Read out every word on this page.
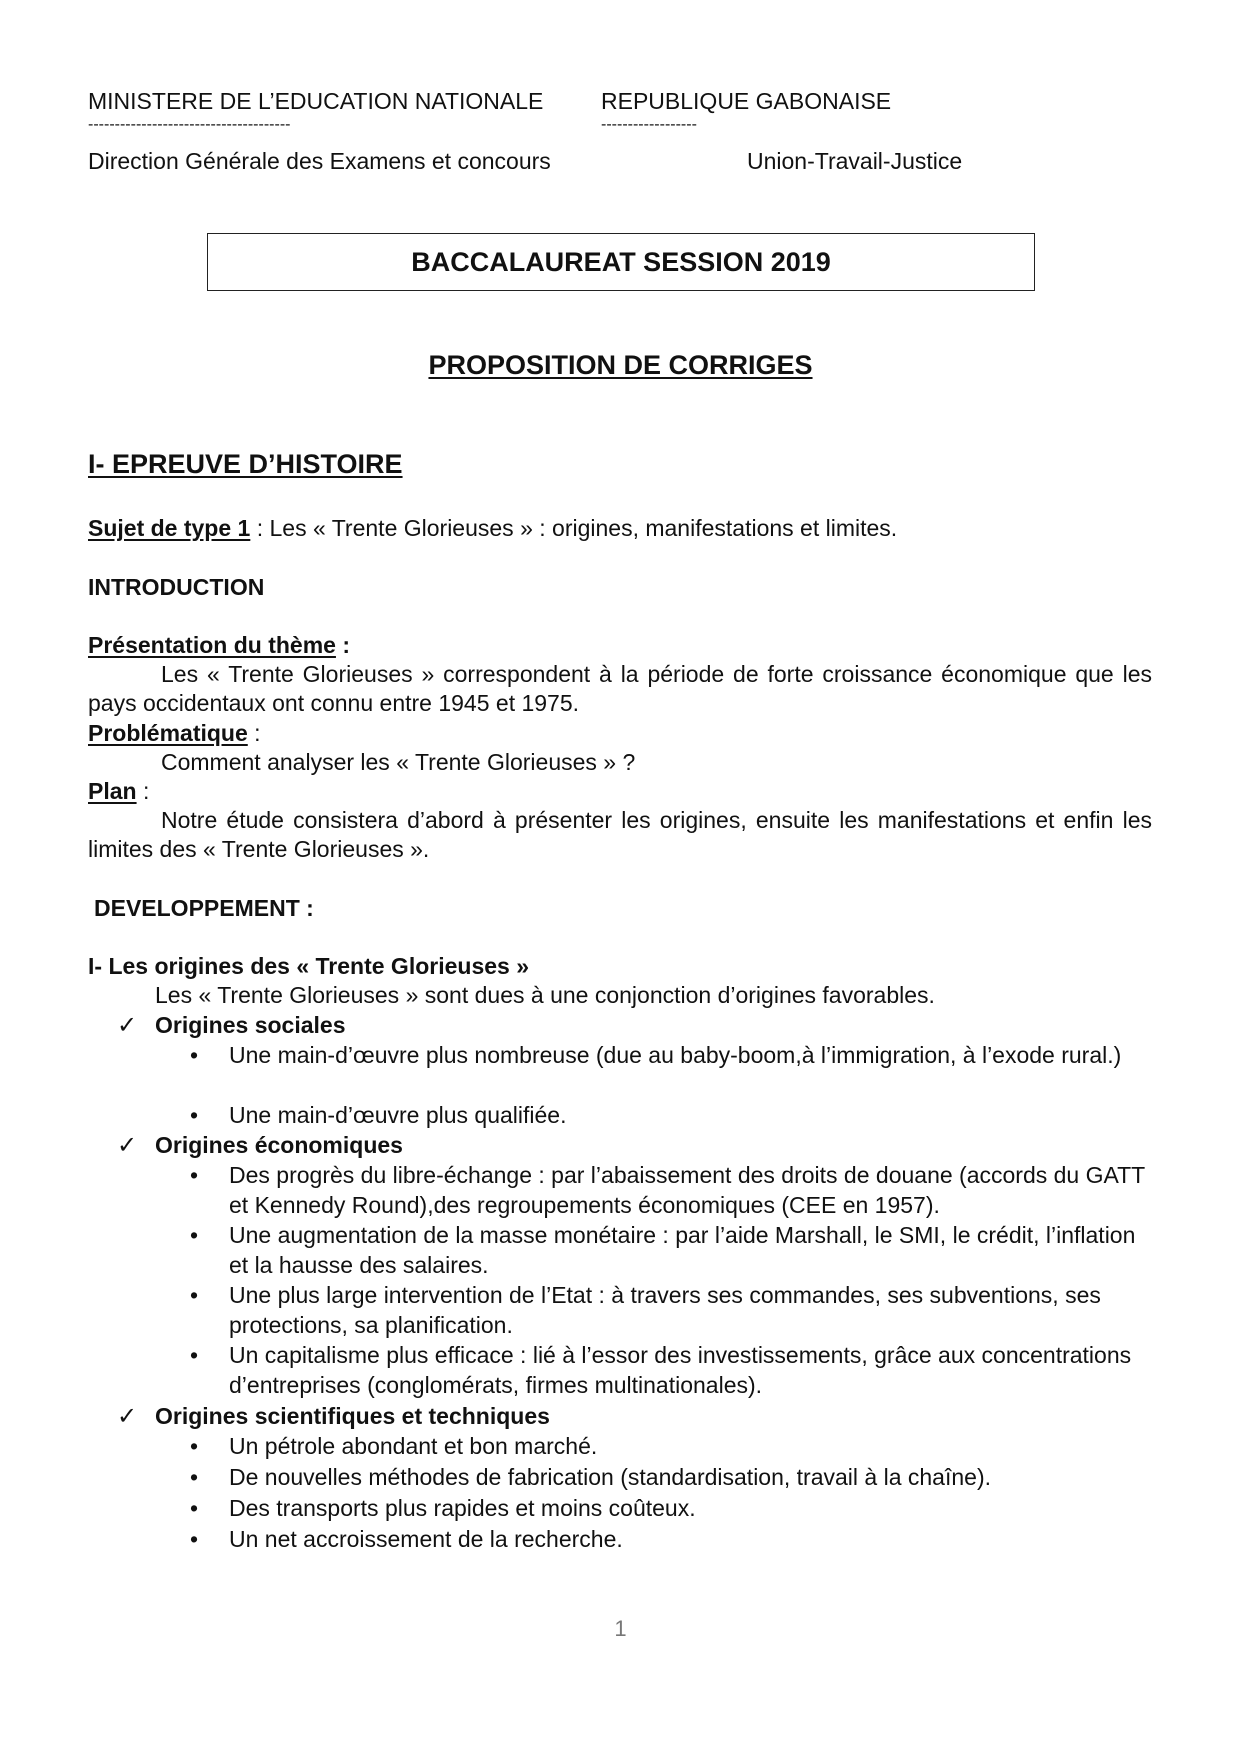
MINISTERE DE L’EDUCATION NATIONALE
--------------------------------------
Direction Générale des Examens et concours
REPUBLIQUE GABONAISE
------------------
Union-Travail-Justice
BACCALAUREAT SESSION 2019
PROPOSITION DE CORRIGES
I- EPREUVE D’HISTOIRE
Sujet de type 1 : Les « Trente Glorieuses » : origines, manifestations et limites.
INTRODUCTION
Présentation du thème :
Les « Trente Glorieuses » correspondent à la période de forte croissance économique que les pays occidentaux ont connu entre 1945 et 1975.
Problématique :
Comment analyser les « Trente Glorieuses » ?
Plan :
Notre étude consistera d’abord à présenter les origines, ensuite les manifestations et enfin les limites des « Trente Glorieuses ».
DEVELOPPEMENT :
I- Les origines des « Trente Glorieuses »
Les « Trente Glorieuses » sont dues à une conjonction d’origines favorables.
✓ Origines sociales
• Une main-d’œuvre plus nombreuse (due au baby-boom,à l’immigration, à l’exode rural.)
• Une main-d’œuvre plus qualifiée.
✓ Origines économiques
• Des progrès du libre-échange : par l’abaissement des droits de douane (accords du GATT et Kennedy Round),des regroupements économiques (CEE en 1957).
• Une augmentation de la masse monétaire : par l’aide Marshall, le SMI, le crédit, l’inflation et la hausse des salaires.
• Une plus large intervention de l’Etat : à travers ses commandes, ses subventions, ses protections, sa planification.
• Un capitalisme plus efficace : lié à l’essor des investissements, grâce aux concentrations d’entreprises (conglomérats, firmes multinationales).
✓ Origines scientifiques et techniques
• Un pétrole abondant et bon marché.
• De nouvelles méthodes de fabrication (standardisation, travail à la chaîne).
• Des transports plus rapides et moins coûteux.
• Un net accroissement de la recherche.
1
